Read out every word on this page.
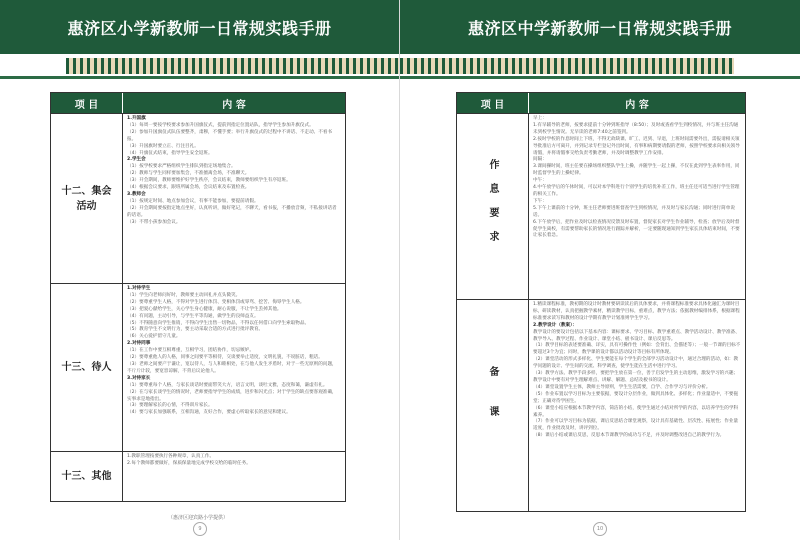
惠济区小学新教师一日常规实践手册
项 目	内 容
十二、集会活动

1.升国旗

（1）每周一要按学校要求参加升国旗仪式，提前到指定位置站队，指导学生参加升旗仪式。

（2）参加升国旗仪式队伍要整齐，肃穆，不懂手要；举行升旗仪式的过程中不讲话、不走动、不看书报。

（3）升国旗时要立正、行注目礼。

（4）升旗仪式结束，指导学生安全返班。

2.学生会

（1）按学校要求严格组织学生排队到指定场地集合。

（2）教师与学生同样要加集会，不准擅离会场，不准聊天。

（3）开会期间，教师要维护好学生秩序，会议结束，教师要组织学生有序返班。

（4）根据会议要求，跟班所属会场，会议结束及布置检查。

3.教师会

（1）按规定时间、地点参加会议，有事不能参加，要提前请假。

（2）开会期间要按指定地点坐好，认真听讲，做好笔记，不聊天，看书报，不播放音频，不私接讲话者的话语。

（3）不带小孩参加会议。

十三、待人

1.对待学生

（1）学生向老师问好时，教师要主动回礼并点头微笑。

（2）要尊重学生人格，不得对学生进行体罚、变相体罚或辱骂、挖苦、侮辱学生人格。

（3）把爱心献给学生，关心学生身心健康，耐心说服，不让学生丢掉其他。

（4）有问题，主动引导，与学生平等沟通，做学生的良师益友。

（5）不得随意向学生推销，不得向学生出售一切物品，不得以任何借口向学生索取物品。

（5）教育学生不文明行为，要主动采取合适的方式进行批评教育。

（6）关心爱护留守儿童。

2.对待同事

（1）在工作中要互相尊重，互相学习，团结协作，切忌嫉妒。

（2）要尊重他人的人格，同事之间要平等相待，交谈要举止适度，文明礼貌，不说脏话，粗话。

（3）老师之间要产于谦让，宽以待人，与人和睦相处，在与他人发生矛盾时，对于一些无原则的问题，不斤斤计较，要宽容谅解，不背后议论他人。

3.对待家长

（1）要尊重每个人格，与家长谈话时要面带笑大方，语言文明，谈吐文雅，态度和蔼，谦虚有礼。

（2）在与家长谈学生的情况时，老师要指导学生的成绩，进步和闪光点；对于学生的缺点要客观准确，实事求是地指出。

（3）要理解家长的心情，不得训斥家长。

（4）要与家长加强联系，互相沟通，友好合作，要虚心听取家长的意见和建议。

十三、其他

1.教职管理按要执行各种规章，认真工作。

2.每个教师都要做好，保质保量地完成学校交给的临时任务。

（惠济区迎宾路小学提供）
9
惠济区中学新教师一日常规实践手册
项 目	内 容
作息要求

早上：

1.有早辅导的老师，按要求提前十分钟到班指导（8:50）；及时或查看学生到校情况，并与班主任沟通未到校学生情况。无早读的老师7:40之前签到。

2.按时学校的作息时间上下班，不得无故缺课、旷工、迟到、早退，上班时间需要外出，需报请相关领导批准后方可离开，并到记录专栏登记外出时间，有事和病期要请假的老师，按照学校要求向相关领导请假，并将请假事交给负责考勤老师，并及时调整教学工作安排。

间隔：

3.课间操时间，班主任要在操场组织整队学生上操，并随学生一起上操，不仅在此到学生表率作用，同时监督学生的上操纪律。

中午：

4.中午放学后的午休时间，可以对本学科进行个别学生的培优补差工作，班主任还可适当进行学生管理的相关工作。

下午：

5.下午上课前的十分钟，班主任老师要进班督查学生到校情况，并及时与家长沟通；同时进行简单说话。

6.下午放学后，把作业及时以检查情况反馈及时布置，督促家长对学生作业辅导，检查；放学后及时督促学生离校，有需要帮助家长的情况进行跟踪并解析，一定要随现通知到学生家长具体结束时间，不要让家长着急。

备课

1.精读课程标准，教初期的设计时教材要研读读后的具体要求，并将课程标准要求具体化融汇为课时目标，研读教材，认真把握教学素材，精读教学目标，重难点，教学方法；依据教材编排体系，根据课程标准要求读写和教材的设计学期有教学计划准则学生学习。

2.教学设计（教案）：

教学设计的要设计包括以下基本内容：课标要求、学习目标、教学重难点、教学活动设计、教学准备、教学导入、教学过程、作业设计、课堂小结、板书设计、课后反思等。

（1）教学目标的表述要准确、详实，具有可操作性（例如：会背出、会描述等）；一般一节课的目标不要超过3个为宜；同时，数学课的设计都以活动设计等目标有所体现。

（2）课堂活动的形式多样化、学生要能在每个学生的全部学习活动设计中，通过合理的活动，如：教学问题的设计、学生间的交流、科学调查，使学生能在生活中进行学习。

（3）教学方法、教学手段多样，要把学生放在第一位，善于启发学生的主动思维，激发学习的兴趣；教学设计中要有对学生理解难点、讲解、解题、总结及板书的设计。

（4）课堂设置学生主体，教师主导原则，学生生活需要，自学、合作学习与评价分析。

（5）作业布置以学习目标为主要依据，要设计分层作业，做到具体化、多样化；作业量适中，不要拖堂；正确对待学困生。

（6）课堂小结应根据本节教学内容，简洁的小结，使学生通过小结对所学的内容，以培养学生的学科素养。

（7）作业可以学习目标为依据，课后反思结合课堂观察，设计具有基础性、层次性、拓展性；作业量适度，作业批改及时，讲评到位。

（8）课后小结或课后反思，反思本节课教学的成功与不足，并及时调整改进自己的教学行为。

10
